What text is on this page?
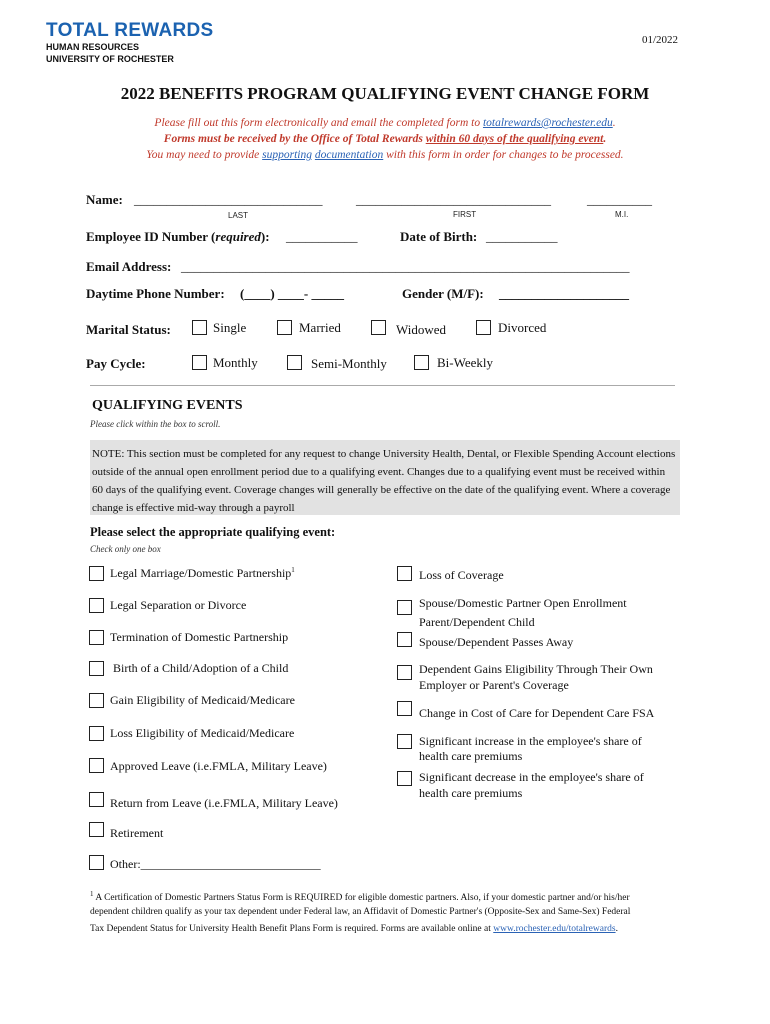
TOTAL REWARDS
HUMAN RESOURCES
UNIVERSITY OF ROCHESTER
01/2022
2022 BENEFITS PROGRAM QUALIFYING EVENT CHANGE FORM
Please fill out this form electronically and email the completed form to totalrewards@rochester.edu.
Forms must be received by the Office of Total Rewards within 60 days of the qualifying event.
You may need to provide supporting documentation with this form in order for changes to be processed.
Name: _____________________________	______________________________	__________
LAST	FIRST	M.I.
Employee ID Number (required): ___________	Date of Birth: ___________
Email Address: _____________________________________________________________________
Daytime Phone Number: (____) ____- _____	Gender (M/F): ____________________
Marital Status:	Single	Married	Widowed	Divorced
Pay Cycle:	Monthly	Semi-Monthly	Bi-Weekly
QUALIFYING EVENTS
Please click within the box to scroll.
NOTE: This section must be completed for any request to change University Health, Dental, or Flexible Spending Account elections outside of the annual open enrollment period due to a qualifying event. Changes due to a qualifying event must be received within 60 days of the qualifying event. Coverage changes will generally be effective on the date of the qualifying event. Where a coverage change is effective mid-way through a payroll
Please select the appropriate qualifying event:
Check only one box
Legal Marriage/Domestic Partnership$^1$
Legal Separation or Divorce
Termination of Domestic Partnership
Birth of a Child/Adoption of a Child
Gain Eligibility of Medicaid/Medicare
Loss Eligibility of Medicaid/Medicare
Approved Leave (i.e.FMLA, Military Leave)
Return from Leave (i.e.FMLA, Military Leave)
Retirement
Other:______________________________
Loss of Coverage
Spouse/Domestic Partner Open Enrollment
Parent/Dependent Child
Spouse/Dependent Passes Away
Dependent Gains Eligibility Through Their Own
Employer or Parent's Coverage
Change in Cost of Care for Dependent Care FSA
Significant increase in the employee's share of
health care premiums
Significant decrease in the employee's share of
health care premiums
$^1$ A Certification of Domestic Partners Status Form is REQUIRED for eligible domestic partners. Also, if your domestic partner and/or his/her
dependent children qualify as your tax dependent under Federal law, an Affidavit of Domestic Partner's (Opposite-Sex and Same-Sex) Federal
Tax Dependent Status for University Health Benefit Plans Form is required. Forms are available online at www.rochester.edu/totalrewards.
